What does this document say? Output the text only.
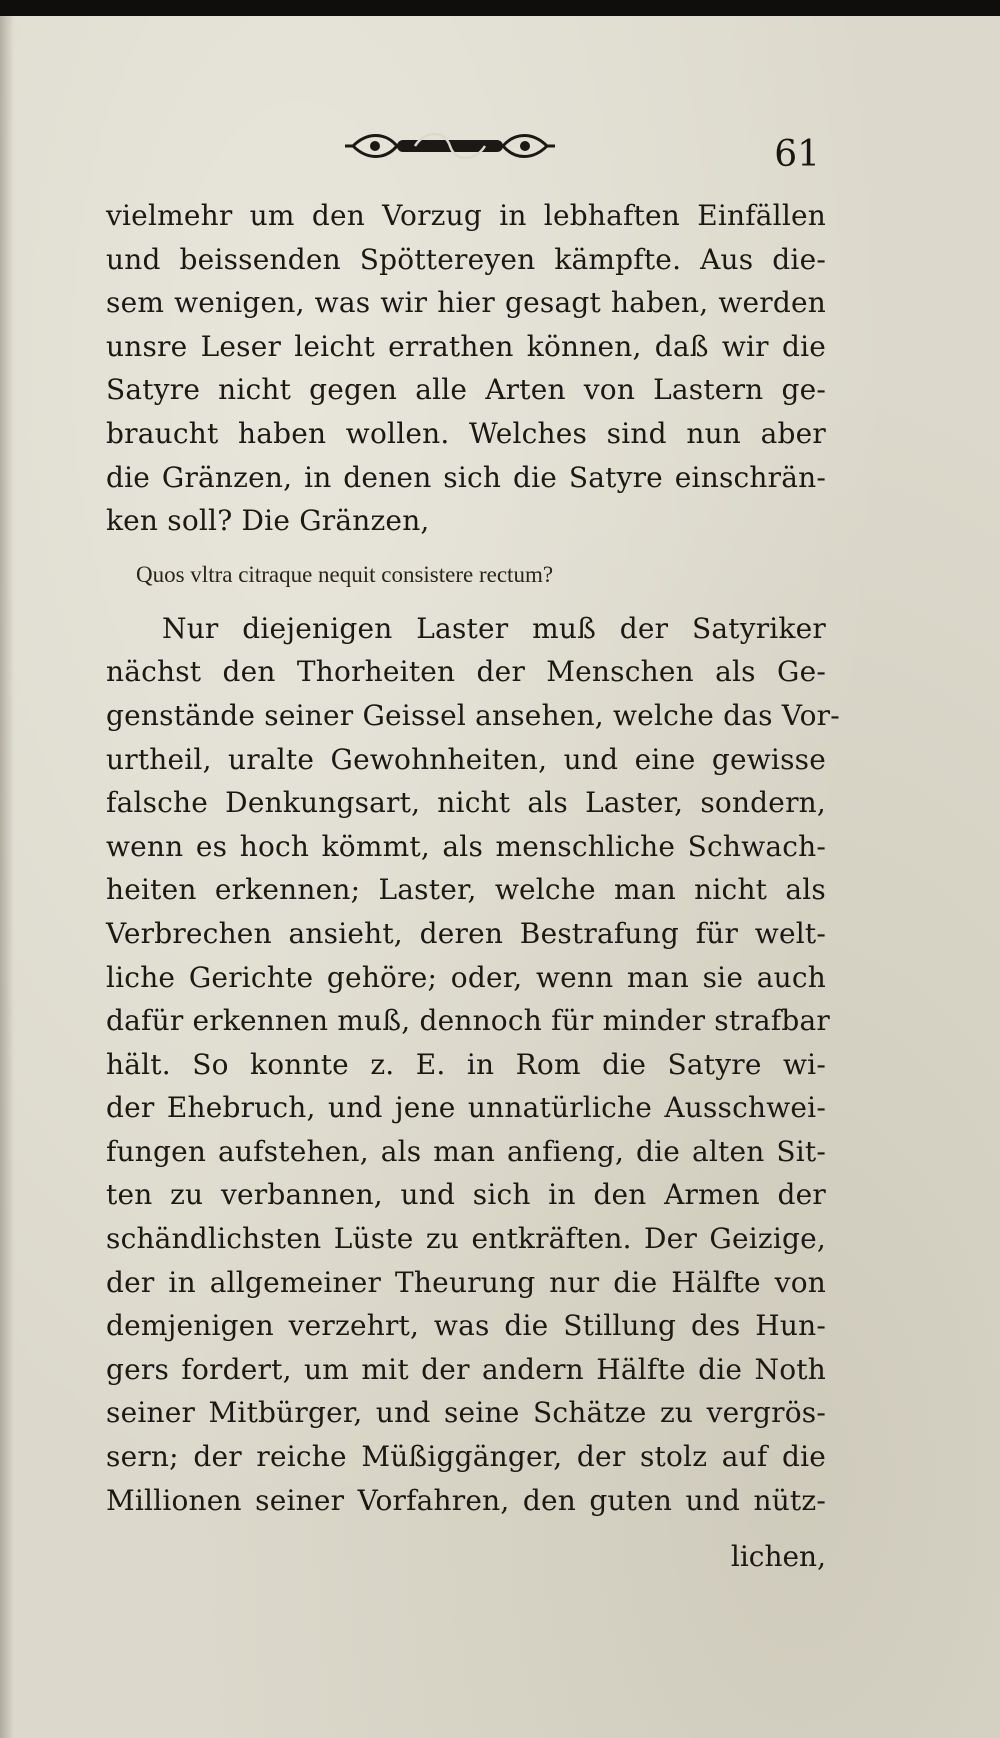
61
vielmehr um den Vorzug in lebhaften Einfällen
und beissenden Spöttereyen kämpfte. Aus die-
sem wenigen, was wir hier gesagt haben, werden
unsre Leser leicht errathen können, daß wir die
Satyre nicht gegen alle Arten von Lastern ge-
braucht haben wollen. Welches sind nun aber
die Gränzen, in denen sich die Satyre einschrän-
ken soll? Die Gränzen,
Quos vltra citraque nequit consistere rectum?
Nur diejenigen Laster muß der Satyriker
nächst den Thorheiten der Menschen als Ge-
genstände seiner Geissel ansehen, welche das Vor-
urtheil, uralte Gewohnheiten, und eine gewisse
falsche Denkungsart, nicht als Laster, sondern,
wenn es hoch kömmt, als menschliche Schwach-
heiten erkennen; Laster, welche man nicht als
Verbrechen ansieht, deren Bestrafung für welt-
liche Gerichte gehöre; oder, wenn man sie auch
dafür erkennen muß, dennoch für minder strafbar
hält. So konnte z. E. in Rom die Satyre wi-
der Ehebruch, und jene unnatürliche Ausschwei-
fungen aufstehen, als man anfieng, die alten Sit-
ten zu verbannen, und sich in den Armen der
schändlichsten Lüste zu entkräften. Der Geizige,
der in allgemeiner Theurung nur die Hälfte von
demjenigen verzehrt, was die Stillung des Hun-
gers fordert, um mit der andern Hälfte die Noth
seiner Mitbürger, und seine Schätze zu vergrös-
sern; der reiche Müßiggänger, der stolz auf die
Millionen seiner Vorfahren, den guten und nütz-
lichen,
